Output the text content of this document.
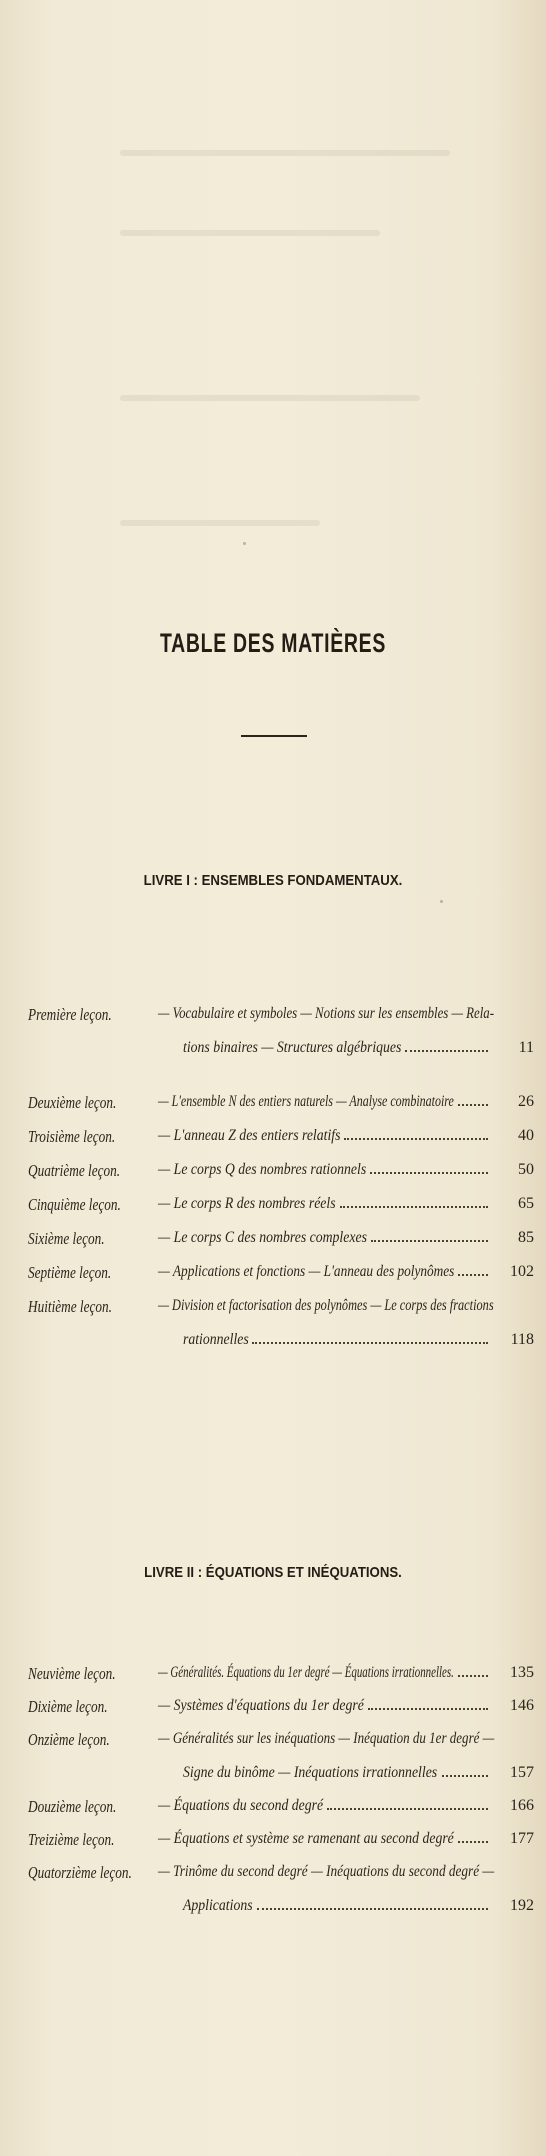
TABLE DES MATIÈRES
LIVRE I : ENSEMBLES FONDAMENTAUX.
Première leçon.	— Vocabulaire et symboles — Notions sur les ensembles — Rela-
tions binaires — Structures algébriques	11
Deuxième leçon.	— L'ensemble N des entiers naturels — Analyse combinatoire	26
Troisième leçon.	— L'anneau Z des entiers relatifs	40
Quatrième leçon. — Le corps Q des nombres rationnels	50
Cinquième leçon. — Le corps R des nombres réels	65
Sixième leçon.	— Le corps C des nombres complexes	85
Septième leçon.	— Applications et fonctions — L'anneau des polynômes	102
Huitième leçon.	— Division et factorisation des polynômes — Le corps des fractions
rationnelles	118
LIVRE II : ÉQUATIONS ET INÉQUATIONS.
Neuvième leçon.	— Généralités. Équations du 1er degré — Équations irrationnelles.	135
Dixième leçon.	— Systèmes d'équations du 1er degré	146
Onzième leçon.	— Généralités sur les inéquations — Inéquation du 1er degré —
Signe du binôme — Inéquations irrationnelles	157
Douzième leçon.	— Équations du second degré	166
Treizième leçon.	— Équations et système se ramenant au second degré	177
Quatorzième leçon. — Trinôme du second degré — Inéquations du second degré —
Applications	192
